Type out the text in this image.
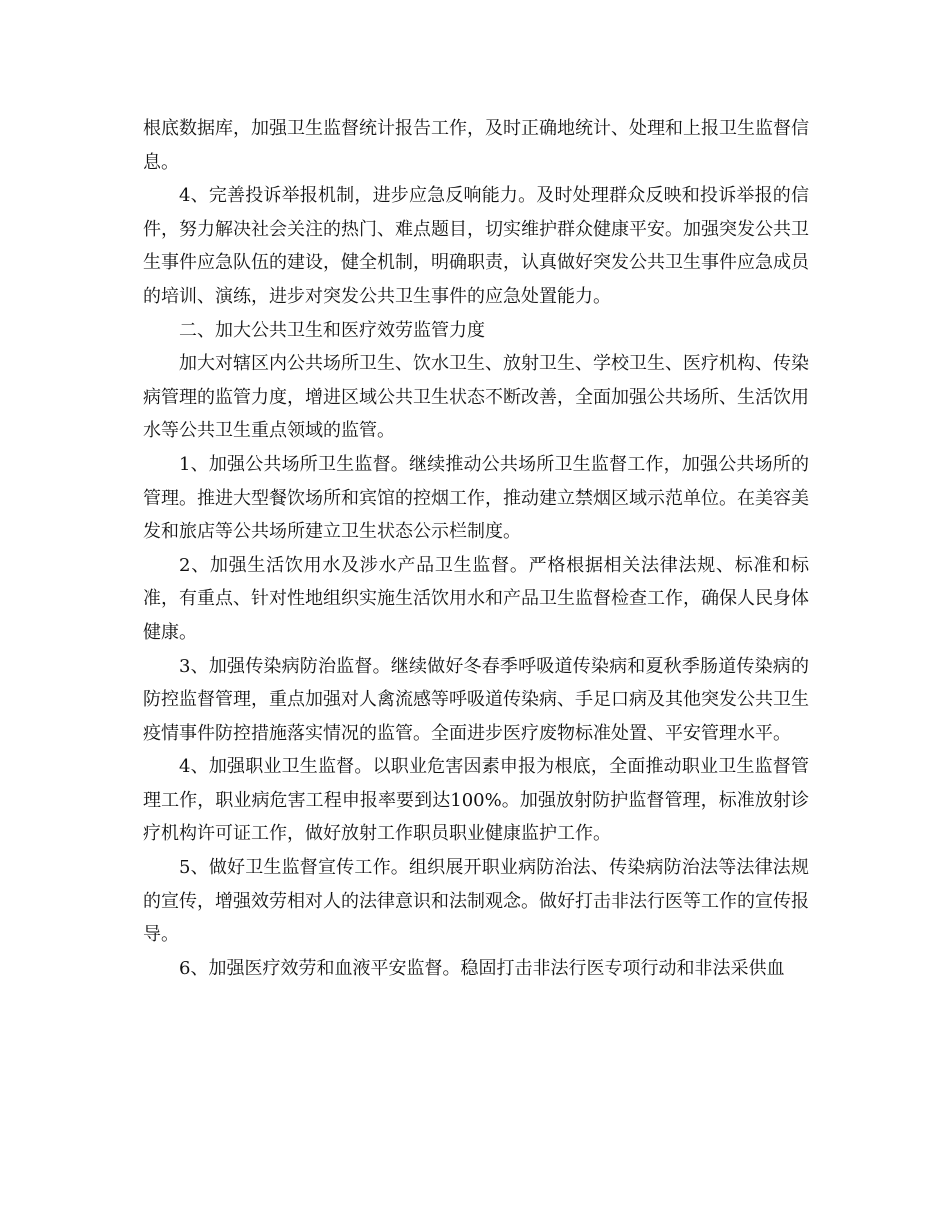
根底数据库，加强卫生监督统计报告工作，及时正确地统计、处理和上报卫生监督信息。

4、完善投诉举报机制，进步应急反响能力。及时处理群众反映和投诉举报的信件，努力解决社会关注的热门、难点题目，切实维护群众健康平安。加强突发公共卫生事件应急队伍的建设，健全机制，明确职责，认真做好突发公共卫生事件应急成员的培训、演练，进步对突发公共卫生事件的应急处置能力。

二、加大公共卫生和医疗效劳监管力度

加大对辖区内公共场所卫生、饮水卫生、放射卫生、学校卫生、医疗机构、传染病管理的监管力度，增进区域公共卫生状态不断改善，全面加强公共场所、生活饮用水等公共卫生重点领域的监管。

1、加强公共场所卫生监督。继续推动公共场所卫生监督工作，加强公共场所的管理。推进大型餐饮场所和宾馆的控烟工作，推动建立禁烟区域示范单位。在美容美发和旅店等公共场所建立卫生状态公示栏制度。

2、加强生活饮用水及涉水产品卫生监督。严格根据相关法律法规、标准和标准，有重点、针对性地组织实施生活饮用水和产品卫生监督检查工作，确保人民身体健康。

3、加强传染病防治监督。继续做好冬春季呼吸道传染病和夏秋季肠道传染病的防控监督管理，重点加强对人禽流感等呼吸道传染病、手足口病及其他突发公共卫生疫情事件防控措施落实情况的监管。全面进步医疗废物标准处置、平安管理水平。

4、加强职业卫生监督。以职业危害因素申报为根底，全面推动职业卫生监督管理工作，职业病危害工程申报率要到达100%。加强放射防护监督管理，标准放射诊疗机构许可证工作，做好放射工作职员职业健康监护工作。

5、做好卫生监督宣传工作。组织展开职业病防治法、传染病防治法等法律法规的宣传，增强效劳相对人的法律意识和法制观念。做好打击非法行医等工作的宣传报导。

6、加强医疗效劳和血液平安监督。稳固打击非法行医专项行动和非法采供血
